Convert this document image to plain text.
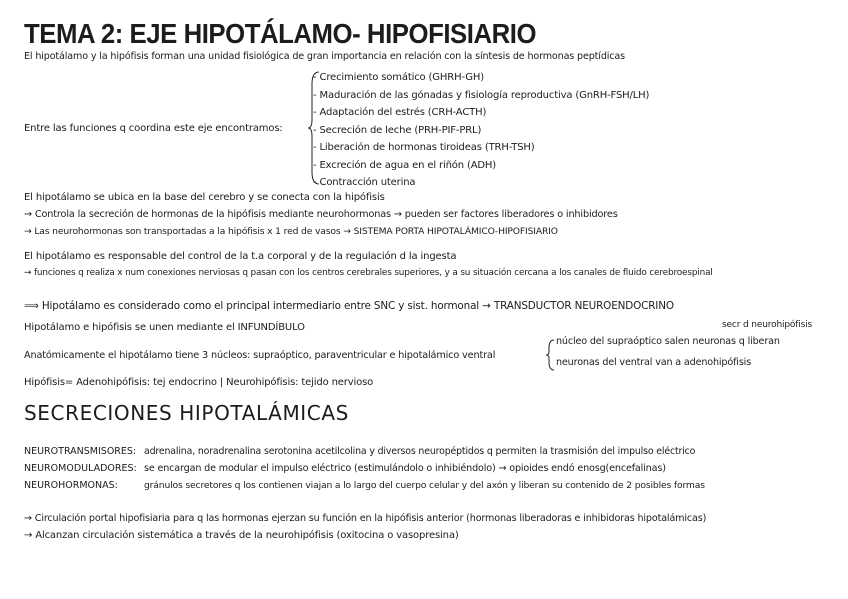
TEMA 2: EJE HIPOTÁLAMO- HIPOFISIARIO
El hipotálamo y la hipófisis forman una unidad fisiológica de gran importancia en relación con la síntesis de hormonas peptídicas
Entre las funciones q coordina este eje encontramos:
- Crecimiento somático (GHRH-GH)
- Maduración de las gónadas y fisiología reproductiva (GnRH-FSH/LH)
- Adaptación del estrés (CRH-ACTH)
- Secreción de leche (PRH-PIF-PRL)
- Liberación de hormonas tiroideas (TRH-TSH)
- Excreción de agua en el riñón (ADH)
- Contracción uterina
El hipotálamo se ubica en la base del cerebro y se conecta con la hipófisis
→ Controla la secreción de hormonas de la hipófisis mediante neurohormonas → pueden ser factores liberadores o inhibidores
→ Las neurohormonas son transportadas a la hipófisis x 1 red de vasos → SISTEMA PORTA HIPOTALÁMICO-HIPOFISIARIO
El hipotálamo es responsable del control de la t.a corporal y de la regulación d la ingesta
→ funciones q realiza x num conexiones nerviosas q pasan con los centros cerebrales superiores, y a su situación cercana a los canales de fluido cerebroespinal
⟹ Hipotálamo es considerado como el principal intermediario entre SNC y sist. hormonal → TRANSDUCTOR NEUROENDOCRINO
Hipotálamo e hipófisis se unen mediante el INFUNDÍBULO	secr d neurohipófisis
Anatómicamente el hipotálamo tiene 3 núcleos: supraóptico, paraventricular e hipotalámico ventral
núcleo del supraóptico salen neuronas q liberan
neuronas del ventral van a adenohipófisis
Hipófisis= Adenohipófisis: tej endocrino | Neurohipófisis: tejido nervioso
SECRECIONES HIPOTALÁMICAS
NEUROTRANSMISORES: adrenalina, noradrenalina serotonina acetilcolina y diversos neuropéptidos q permiten la trasmisión del impulso eléctrico
NEUROMODULADORES: se encargan de modular el impulso eléctrico (estimulándolo o inhibiéndolo) → opioides endó enosg(encefalinas)
NEUROHORMONAS:	gránulos secretores q los contienen viajan a lo largo del cuerpo celular y del axón y liberan su contenido de 2 posibles formas
→ Circulación portal hipofisiaria para q las hormonas ejerzan su función en la hipófisis anterior (hormonas liberadoras e inhibidoras hipotalámicas)
→ Alcanzan circulación sistemática a través de la neurohipófisis (oxitocina o vasopresina)
